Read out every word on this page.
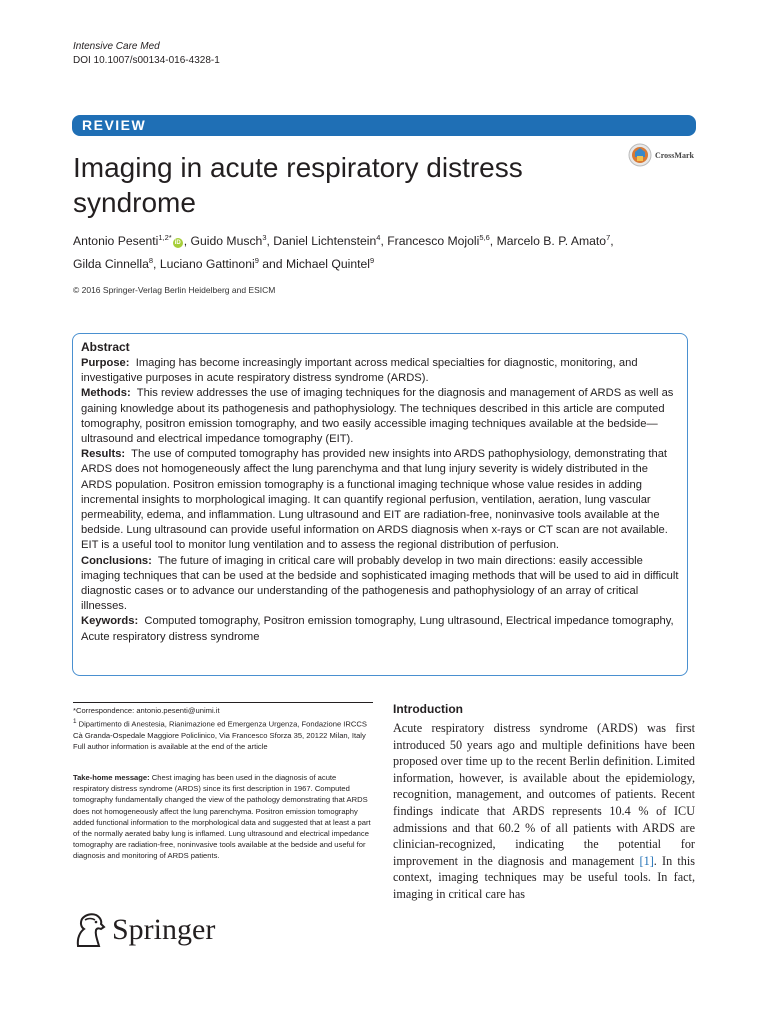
Intensive Care Med
DOI 10.1007/s00134-016-4328-1
REVIEW
CrossMark
Imaging in acute respiratory distress syndrome
Antonio Pesenti$^{1,2*}$iD , Guido Musch$^3$, Daniel Lichtenstein$^4$, Francesco Mojoli$^{5,6}$, Marcelo B. P. Amato$^7$,
Gilda Cinnella$^8$, Luciano Gattinoni$^9$ and Michael Quintel$^9$
© 2016 Springer-Verlag Berlin Heidelberg and ESICM
Abstract

Purpose: Imaging has become increasingly important across medical specialties for diagnostic, monitoring, and investigative purposes in acute respiratory distress syndrome (ARDS).

Methods: This review addresses the use of imaging techniques for the diagnosis and management of ARDS as well as gaining knowledge about its pathogenesis and pathophysiology. The techniques described in this article are computed tomography, positron emission tomography, and two easily accessible imaging techniques available at the bedside—ultrasound and electrical impedance tomography (EIT).

Results: The use of computed tomography has provided new insights into ARDS pathophysiology, demonstrating that ARDS does not homogeneously affect the lung parenchyma and that lung injury severity is widely distributed in the ARDS population. Positron emission tomography is a functional imaging technique whose value resides in adding incremental insights to morphological imaging. It can quantify regional perfusion, ventilation, aeration, lung vascular permeability, edema, and inflammation. Lung ultrasound and EIT are radiation-free, noninvasive tools available at the bedside. Lung ultrasound can provide useful information on ARDS diagnosis when x-rays or CT scan are not available. EIT is a useful tool to monitor lung ventilation and to assess the regional distribution of perfusion.

Conclusions: The future of imaging in critical care will probably develop in two main directions: easily accessible imaging techniques that can be used at the bedside and sophisticated imaging methods that will be used to aid in difficult diagnostic cases or to advance our understanding of the pathogenesis and pathophysiology of an array of critical illnesses.

Keywords: Computed tomography, Positron emission tomography, Lung ultrasound, Electrical impedance tomography, Acute respiratory distress syndrome

*Correspondence: antonio.pesenti@unimi.it

$^1$ Dipartimento di Anestesia, Rianimazione ed Emergenza Urgenza, Fondazione IRCCS Cà Granda-Ospedale Maggiore Policlinico, Via Francesco Sforza 35, 20122 Milan, Italy

Full author information is available at the end of the article

Take-home message: Chest imaging has been used in the diagnosis of acute respiratory distress syndrome (ARDS) since its first description in 1967. Computed tomography fundamentally changed the view of the pathology demonstrating that ARDS does not homogeneously affect the lung parenchyma. Positron emission tomography added functional information to the morphological data and suggested that at least a part of the normally aerated baby lung is inflamed. Lung ultrasound and electrical impedance tomography are radiation-free, noninvasive tools available at the bedside and useful for diagnosis and monitoring of ARDS patients.

Introduction

Acute respiratory distress syndrome (ARDS) was first introduced 50 years ago and multiple definitions have been proposed over time up to the recent Berlin definition. Limited information, however, is available about the epidemiology, recognition, management, and outcomes of patients. Recent findings indicate that ARDS represents 10.4 % of ICU admissions and that 60.2 % of all patients with ARDS are clinician-recognized, indicating the potential for improvement in the diagnosis and management [1]. In this context, imaging techniques may be useful tools. In fact, imaging in critical care has

Springer
